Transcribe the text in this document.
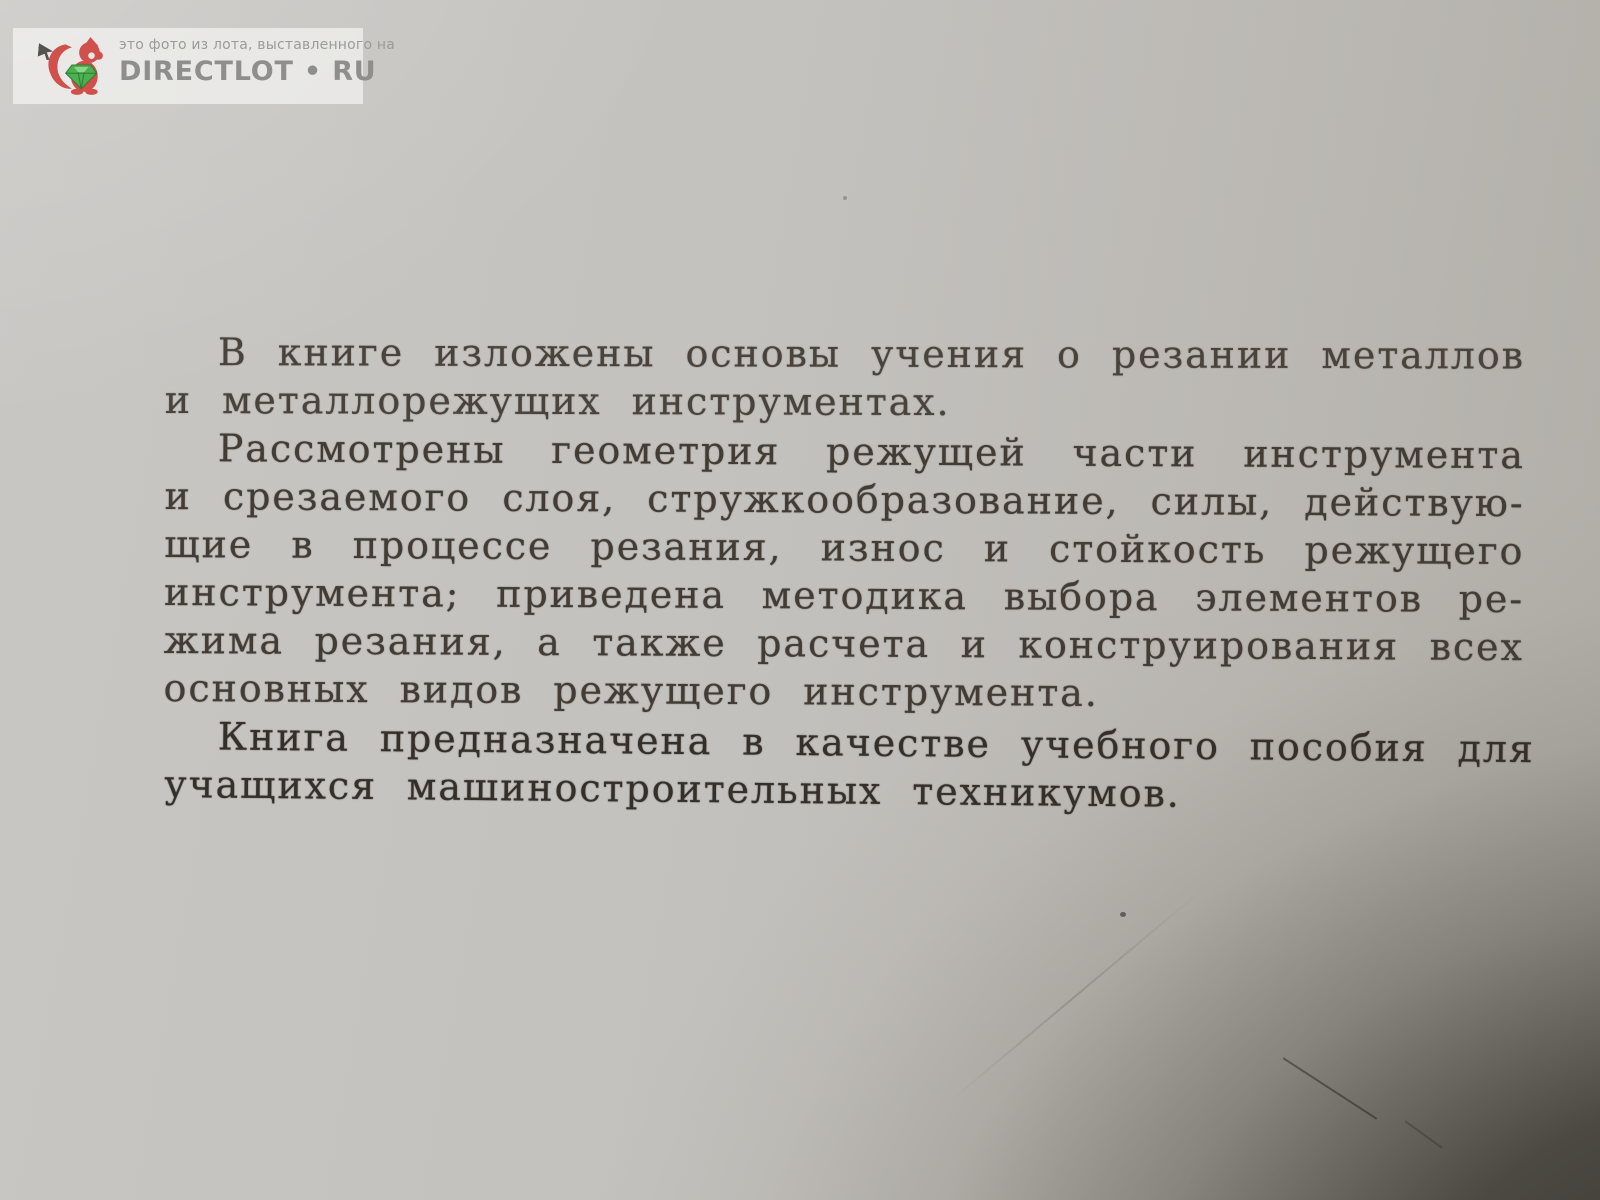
это фото из лота, выставленного на
DIRECTLOT • RU
В книге изложены основы учения о резании металлов
и металлорежущих инструментах.
Рассмотрены геометрия режущей части инструмента
и срезаемого слоя, стружкообразование, силы, действую-
щие в процессе резания, износ и стойкость режущего
инструмента; приведена методика выбора элементов ре-
жима резания, а также расчета и конструирования всех
основных видов режущего инструмента.
Книга предназначена в качестве учебного пособия для
учащихся машиностроительных техникумов.
